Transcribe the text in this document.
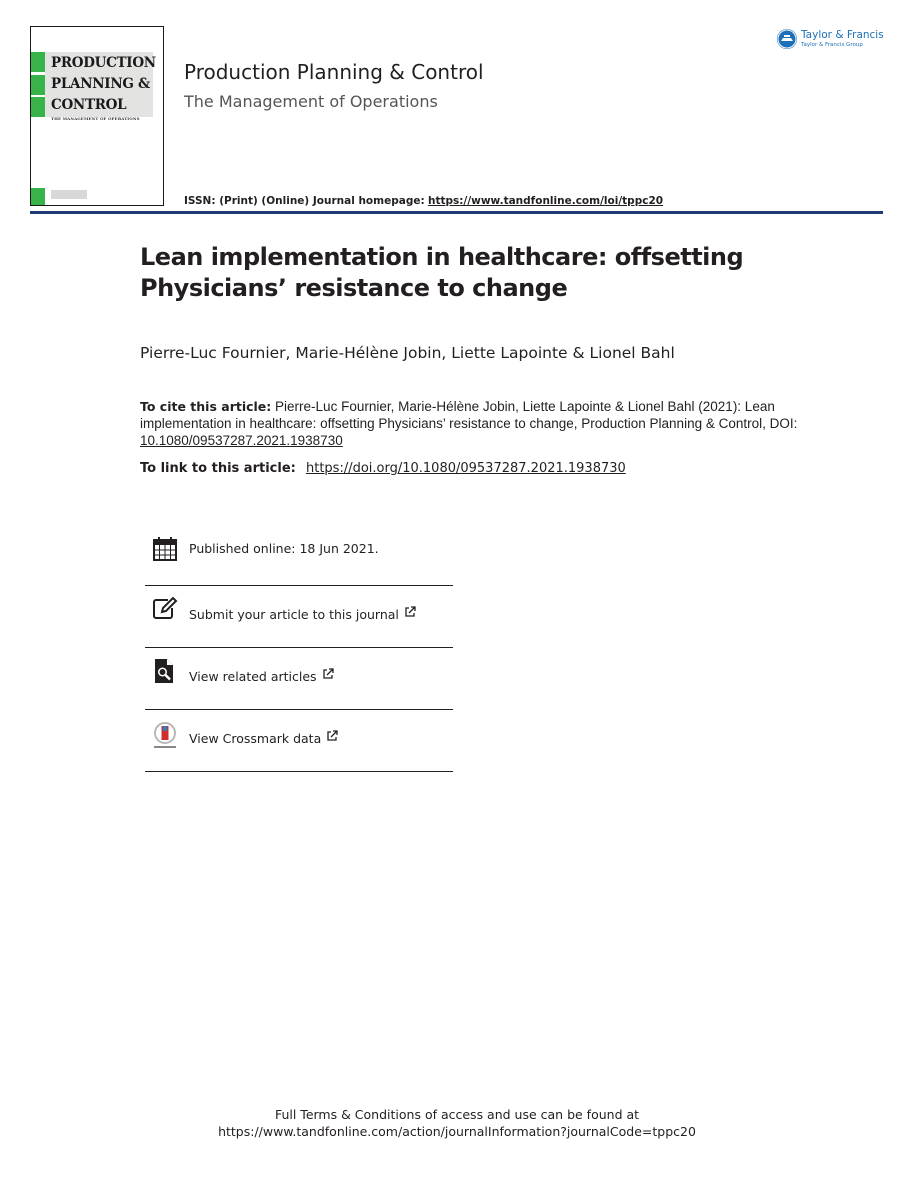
PRODUCTION
PLANNING &
CONTROL
THE MANAGEMENT OF OPERATIONS
Production Planning & Control
The Management of Operations
Taylor & Francis
Taylor & Francis Group
ISSN: (Print) (Online) Journal homepage: https://www.tandfonline.com/loi/tppc20
Lean implementation in healthcare: offsetting Physicians’ resistance to change

Pierre-Luc Fournier, Marie-Hélène Jobin, Liette Lapointe & Lionel Bahl

To cite this article: Pierre-Luc Fournier, Marie-Hélène Jobin, Liette Lapointe & Lionel Bahl (2021): Lean implementation in healthcare: offsetting Physicians’ resistance to change, Production Planning & Control, DOI: 10.1080/09537287.2021.1938730

To link to this article: https://doi.org/10.1080/09537287.2021.1938730

Published online: 18 Jun 2021.
Submit your article to this journal
View related articles
View Crossmark data
Full Terms & Conditions of access and use can be found at
https://www.tandfonline.com/action/journalInformation?journalCode=tppc20
